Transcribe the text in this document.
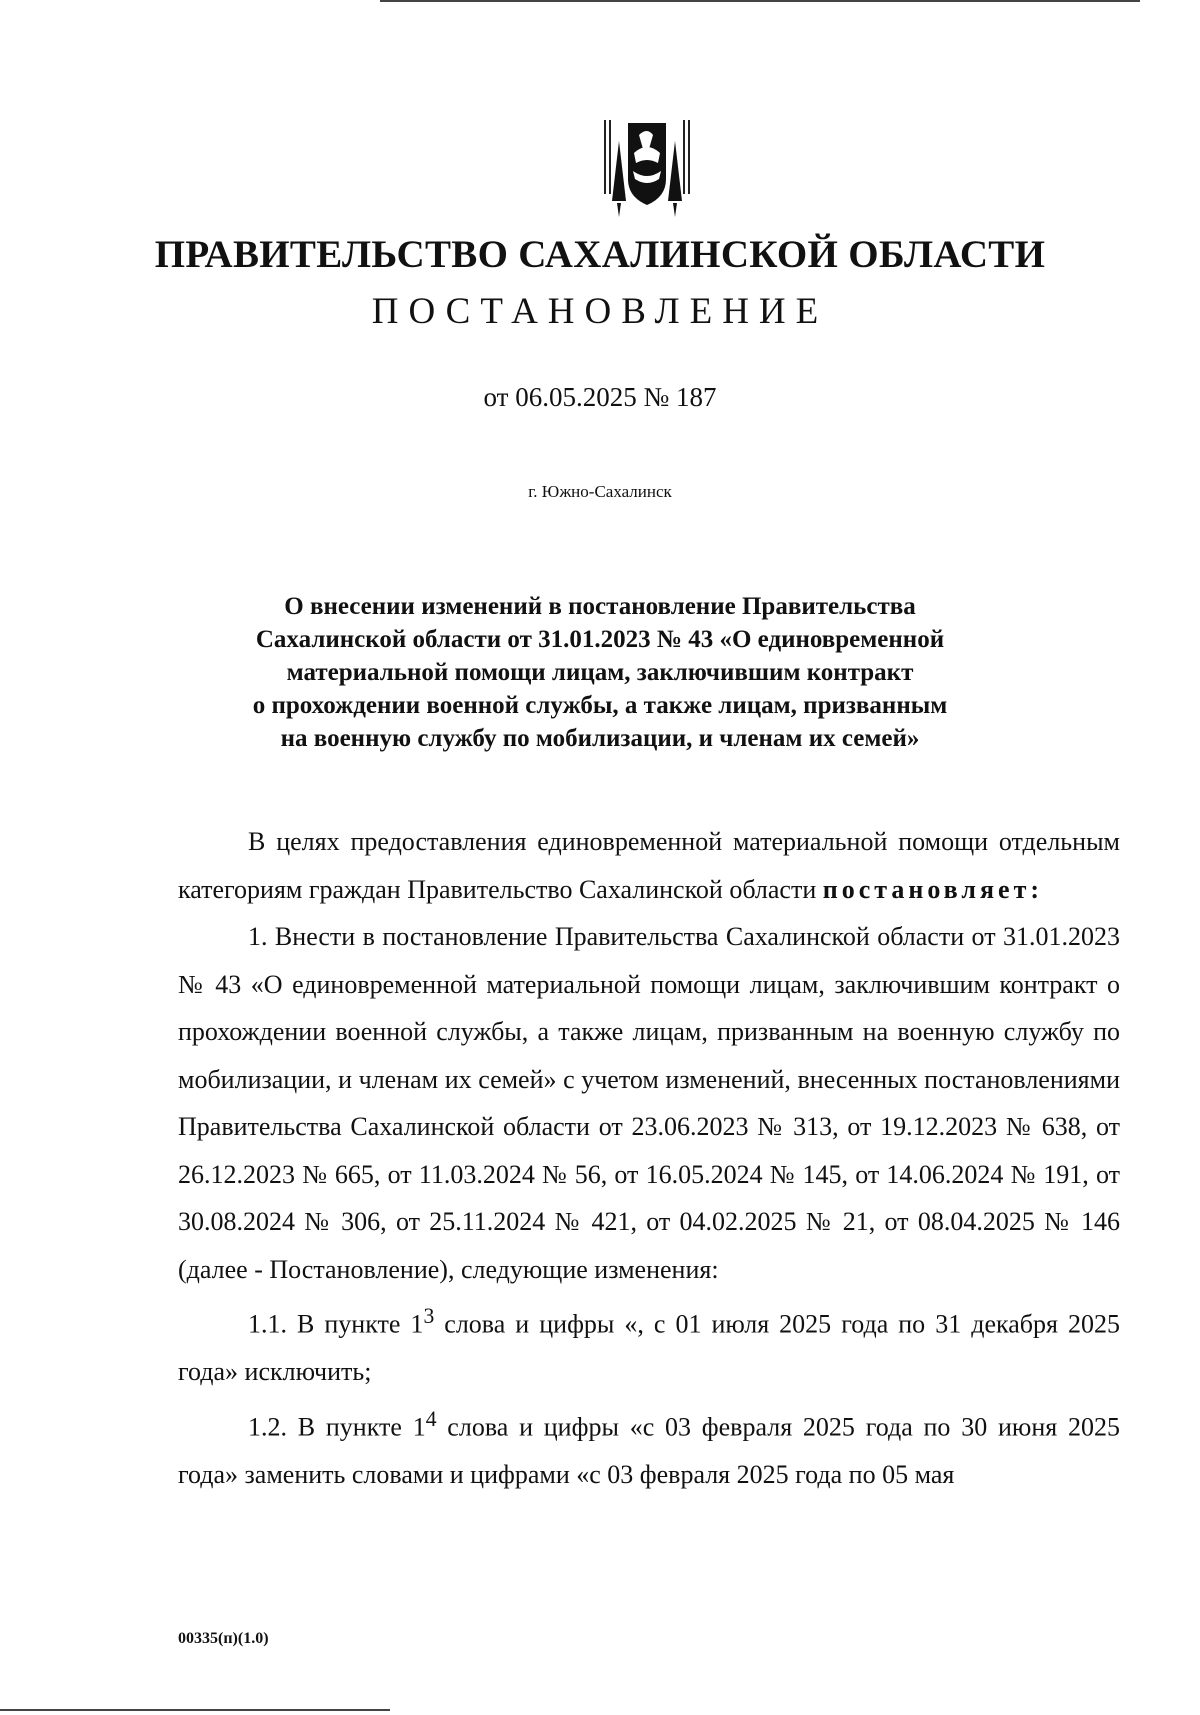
ПРАВИТЕЛЬСТВО САХАЛИНСКОЙ ОБЛАСТИ
ПОСТАНОВЛЕНИЕ
от 06.05.2025 № 187
г. Южно-Сахалинск
О внесении изменений в постановление Правительства
Сахалинской области от 31.01.2023 № 43 «О единовременной
материальной помощи лицам, заключившим контракт
о прохождении военной службы, а также лицам, призванным
на военную службу по мобилизации, и членам их семей»

В целях предоставления единовременной материальной помощи отдельным категориям граждан Правительство Сахалинской области постановляет:

1. Внести в постановление Правительства Сахалинской области от 31.01.2023 № 43 «О единовременной материальной помощи лицам, заключившим контракт о прохождении военной службы, а также лицам, призванным на военную службу по мобилизации, и членам их семей» с учетом изменений, внесенных постановлениями Правительства Сахалинской области от 23.06.2023 № 313, от 19.12.2023 № 638, от 26.12.2023 № 665, от 11.03.2024 № 56, от 16.05.2024 № 145, от 14.06.2024 № 191, от 30.08.2024 № 306, от 25.11.2024 № 421, от 04.02.2025 № 21, от 08.04.2025 № 146 (далее - Постановление), следующие изменения:

1.1. В пункте $1^3$ слова и цифры «, с 01 июля 2025 года по 31 декабря 2025 года» исключить;

1.2. В пункте $1^4$ слова и цифры «с 03 февраля 2025 года по 30 июня 2025 года» заменить словами и цифрами «с 03 февраля 2025 года по 05 мая

00335(п)(1.0)
